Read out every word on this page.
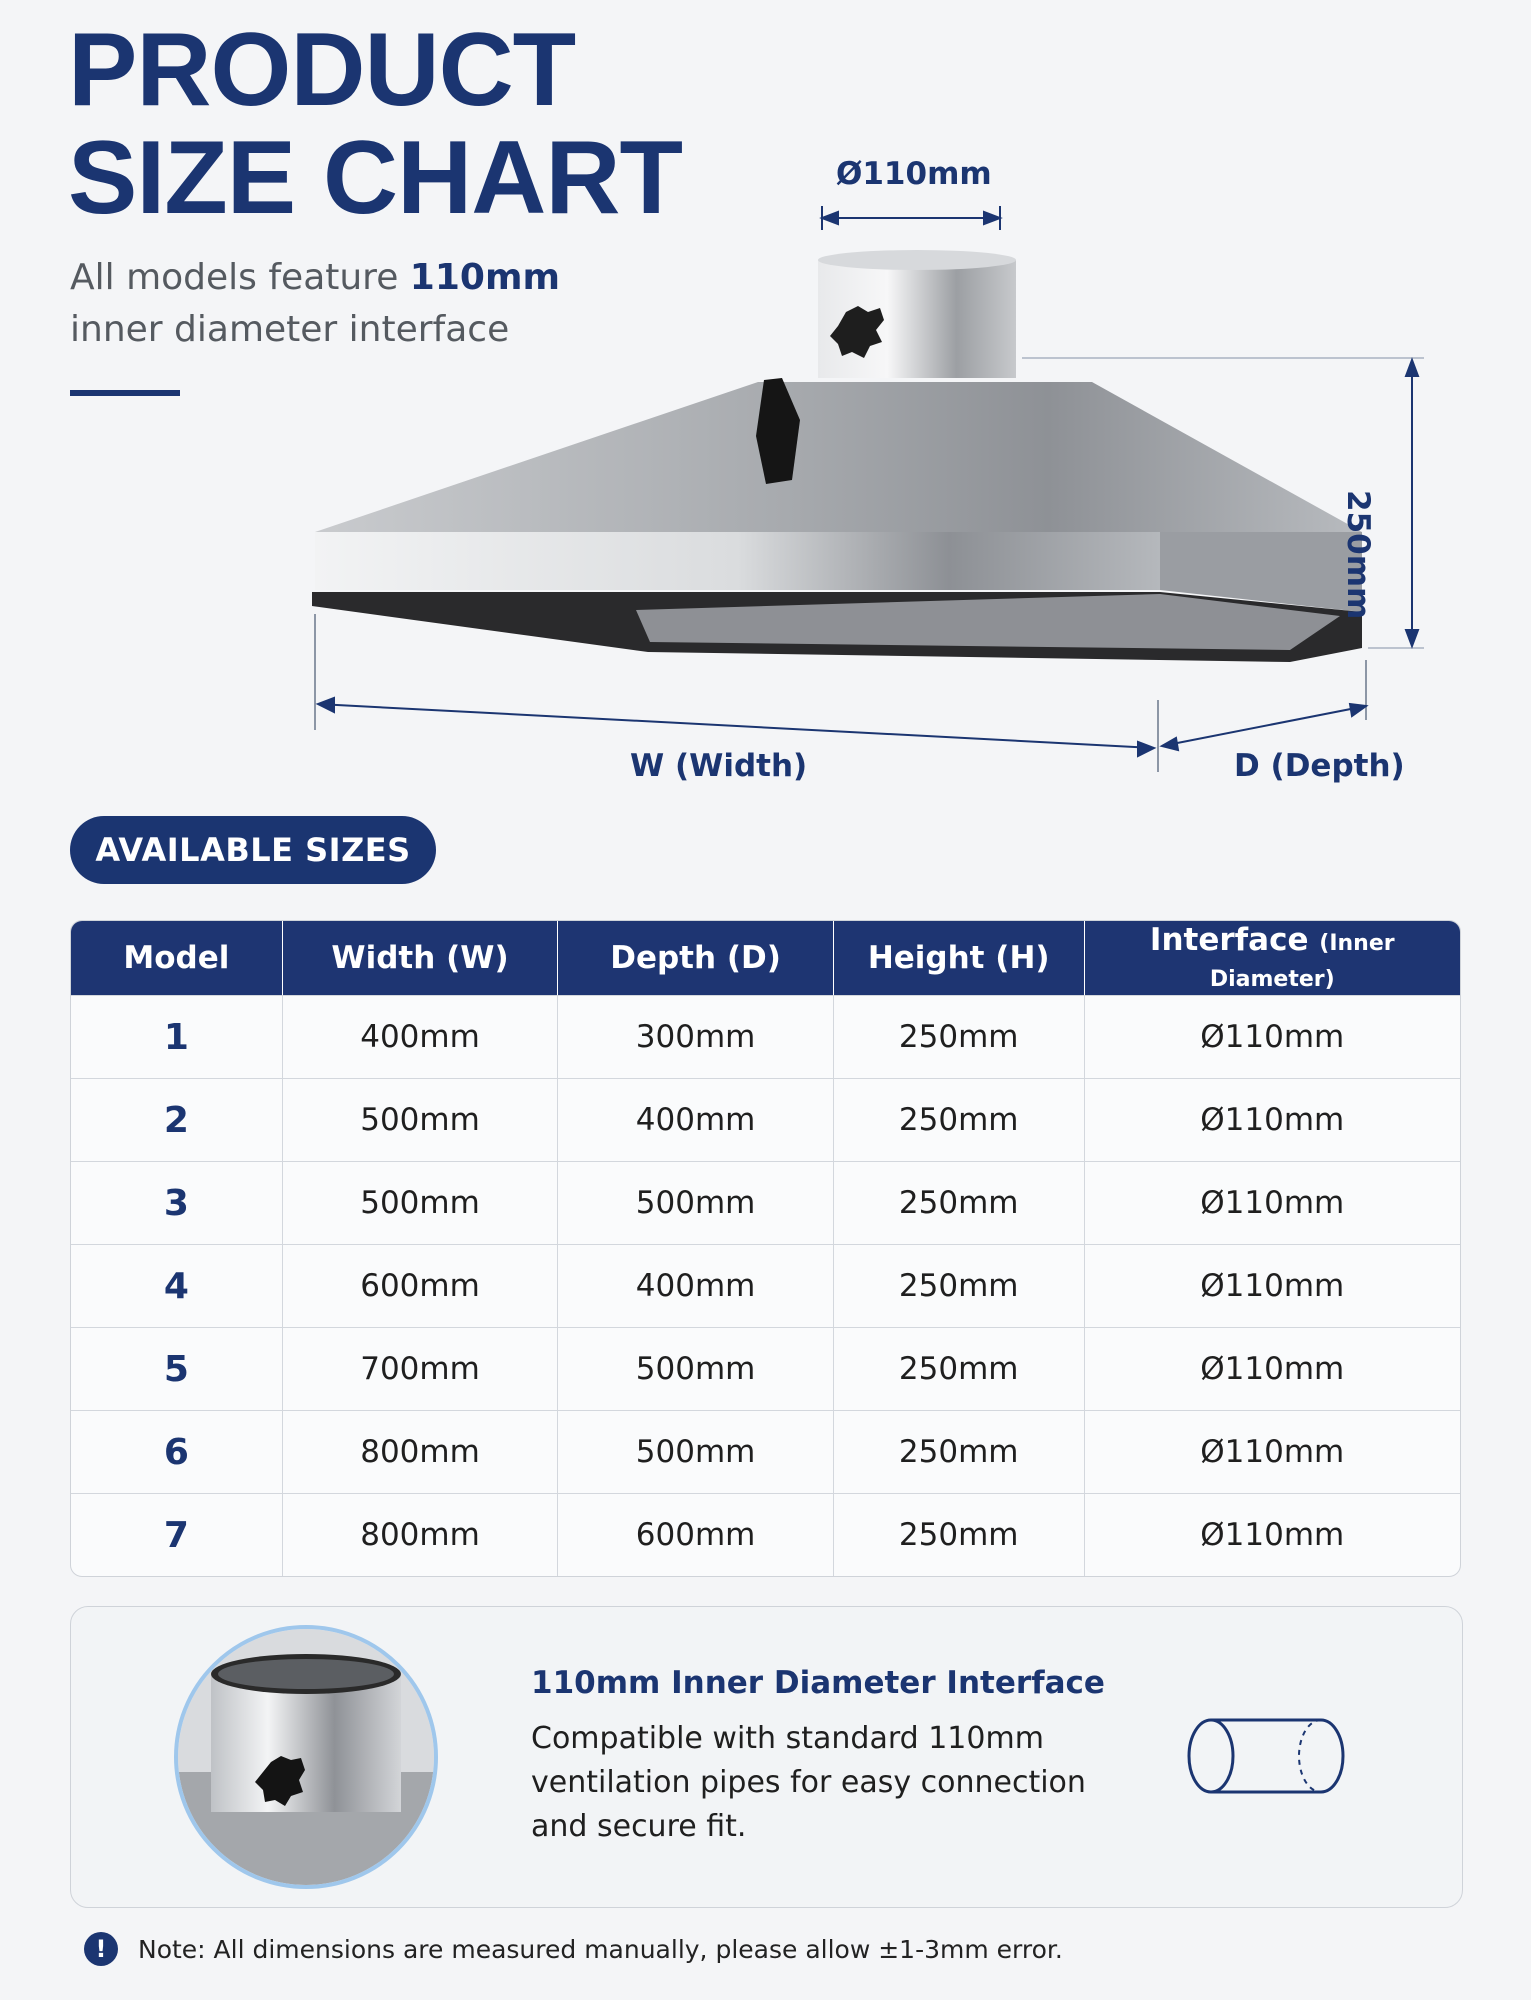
PRODUCT
SIZE CHART
All models feature 110mm
inner diameter interface
Ø110mm
250mm
W (Width)	D (Depth)
AVAILABLE SIZES
Model	Width (W)	Depth (D)	Height (H)	Interface (Inner Diameter)
1	400mm	300mm	250mm	Ø110mm
2	500mm	400mm	250mm	Ø110mm
3	500mm	500mm	250mm	Ø110mm
4	600mm	400mm	250mm	Ø110mm
5	700mm	500mm	250mm	Ø110mm
6	800mm	500mm	250mm	Ø110mm
7	800mm	600mm	250mm	Ø110mm
110mm Inner Diameter Interface
Compatible with standard 110mm ventilation pipes for easy connection and secure fit.
!	Note: All dimensions are measured manually, please allow ±1-3mm error.
